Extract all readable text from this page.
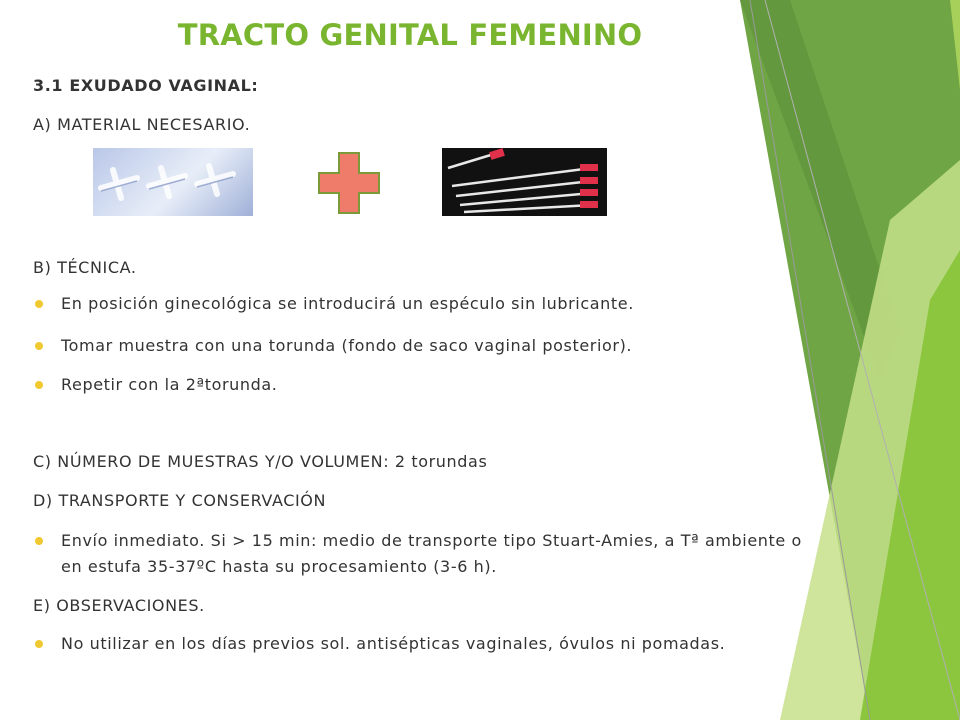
TRACTO GENITAL FEMENINO
3.1 EXUDADO VAGINAL:
A) MATERIAL NECESARIO.
B) TÉCNICA.
En posición ginecológica se introducirá un espéculo sin lubricante.
Tomar muestra con una torunda (fondo de saco vaginal posterior).
Repetir con la 2ªtorunda.
C) NÚMERO DE MUESTRAS Y/O VOLUMEN: 2 torundas
D) TRANSPORTE Y CONSERVACIÓN
Envío inmediato. Si > 15 min: medio de transporte tipo Stuart-Amies, a Tª ambiente o
en estufa 35-37ºC hasta su procesamiento (3-6 h).
E) OBSERVACIONES.
No utilizar en los días previos sol. antisépticas vaginales, óvulos ni pomadas.
